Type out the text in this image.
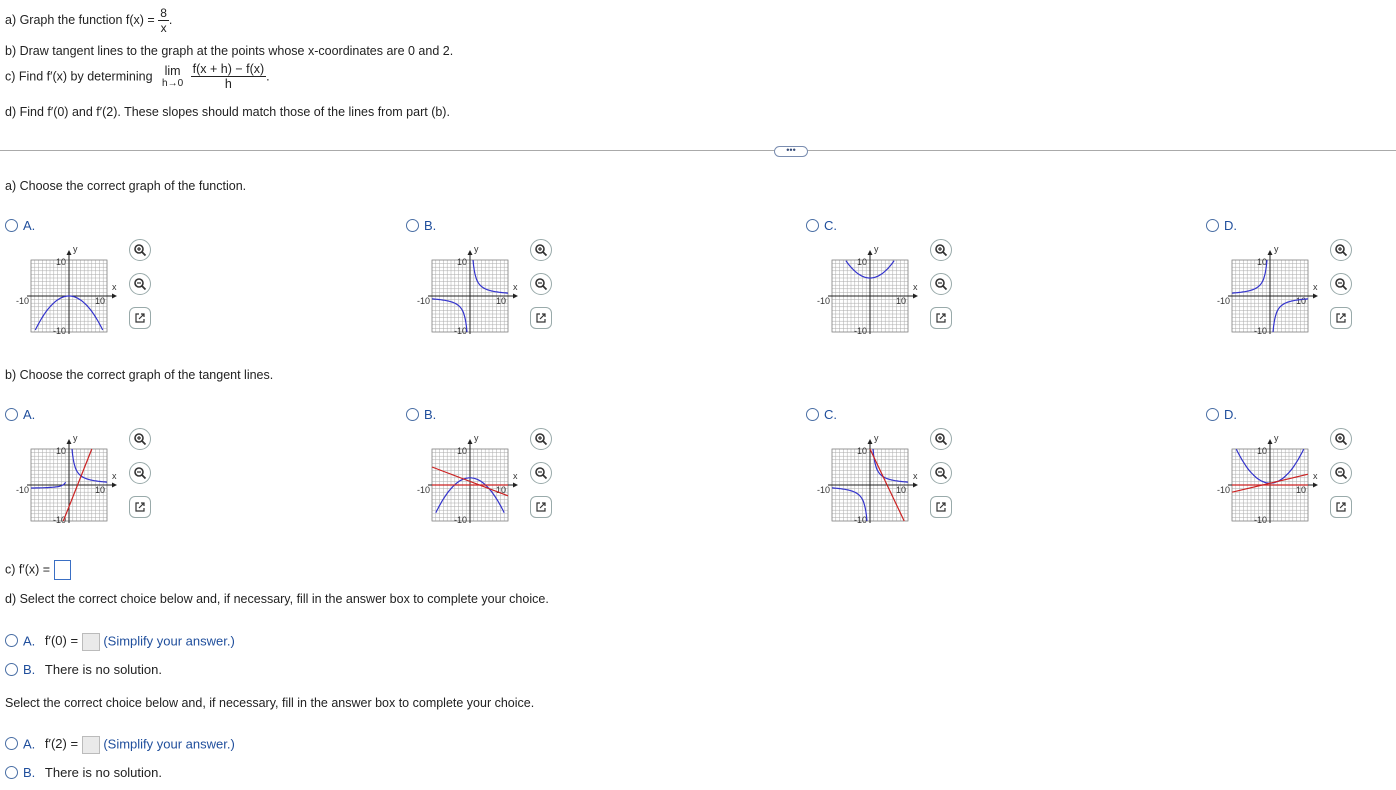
a) Graph the function $f(x) = \frac{8}{x}$ .
b) Draw tangent lines to the graph at the points whose x-coordinates are 0 and 2.
c) Find f′(x) by determining lim
h→0
$\frac{f(x + h) - f(x)}{h}$ .
d) Find f′(0) and f′(2). These slopes should match those of the lines from part (b).
•••
a) Choose the correct graph of the function.
b) Choose the correct graph of the tangent lines.
A.
y
x
10
-10
-10	10
B.
y
x
10
-10
-10	10
C.
y
x
10
-10
-10	10
D.
y
x
10
-10
-10	10
A.
y
x
10
-10
-10	10
B.
y
x
10
-10
-10	10
C.
y
x
10
-10
-10	10
D.
y
x
10
-10
-10	10
c) f′(x) =
d) Select the correct choice below and, if necessary, fill in the answer box to complete your choice.
A. f′(0) = (Simplify your answer.)
B. There is no solution.
Select the correct choice below and, if necessary, fill in the answer box to complete your choice.
A. f′(2) = (Simplify your answer.)
B. There is no solution.
